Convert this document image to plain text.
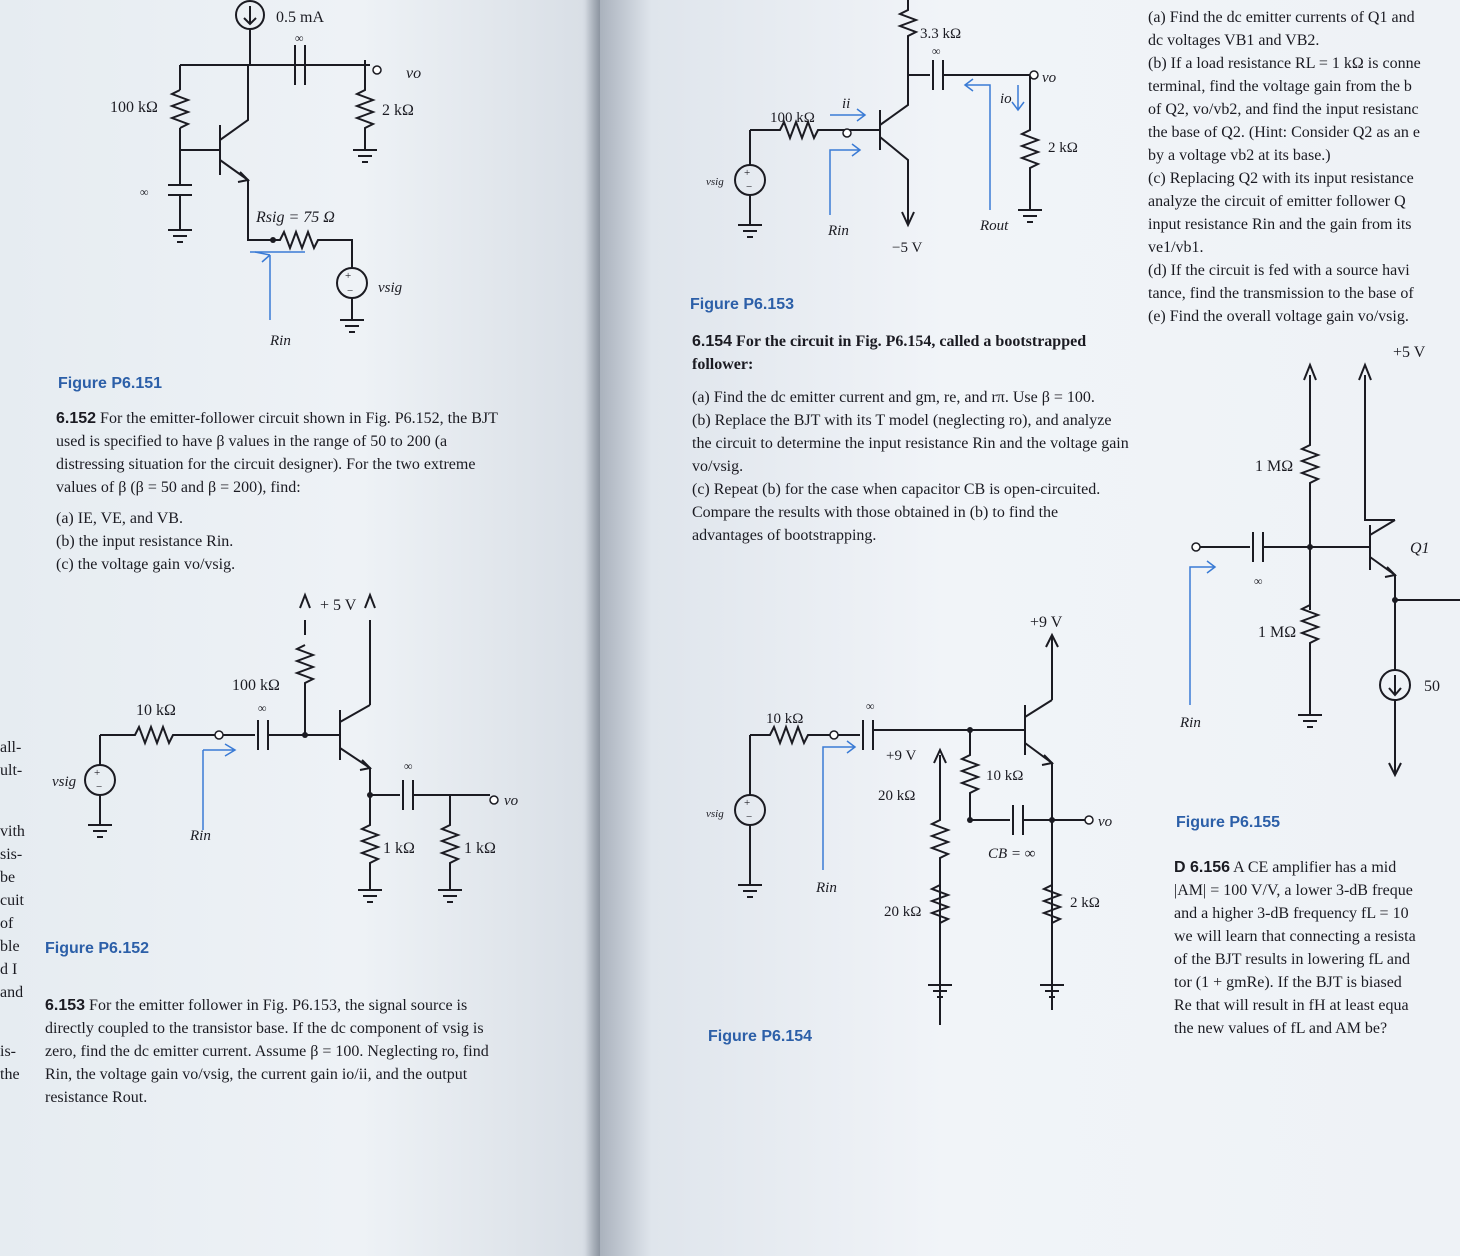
all-
ult-
vith
sis-
be
cuit
of
ble
d I
and
is-
the
0.5 mA
∞
vo
100 kΩ	2 kΩ
∞
Rsig = 75 Ω
+
− vsig
Rin

Figure P6.151

6.152 For the emitter-follower circuit shown in Fig. P6.152, the BJT used is specified to have β values in the range of 50 to 200 (a distressing situation for the circuit designer). For the two extreme values of β (β = 50 and β = 200), find:

(a) IE, VE, and VB.
(b) the input resistance Rin.
(c) the voltage gain vo/vsig.
+ 5 V
100 kΩ
∞
10 kΩ
+
−
vsig
Rin
∞
vo
1 kΩ	1 kΩ

Figure P6.152

6.153 For the emitter follower in Fig. P6.153, the signal source is directly coupled to the transistor base. If the dc component of vsig is zero, find the dc emitter current. Assume β = 100. Neglecting ro, find Rin, the voltage gain vo/vsig, the current gain io/ii, and the output resistance Rout.

3.3 kΩ
∞
vo
100 kΩ
ii	io
2 kΩ
vsig
+
−
Rin	Rout
−5 V

Figure P6.153

6.154 For the circuit in Fig. P6.154, called a bootstrapped follower:

(a) Find the dc emitter current and gm, re, and rπ. Use β = 100.
(b) Replace the BJT with its T model (neglecting ro), and analyze the circuit to determine the input resistance Rin and the voltage gain vo/vsig.
(c) Repeat (b) for the case when capacitor CB is open-circuited. Compare the results with those obtained in (b) to find the advantages of bootstrapping.
+9 V
∞
10 kΩ
+9 V
10 kΩ
20 kΩ
vo
CB = ∞
vsig
+
−
Rin
20 kΩ
2 kΩ

Figure P6.154

(a) Find the dc emitter currents of Q1 and
dc voltages VB1 and VB2.
(b) If a load resistance RL = 1 kΩ is conne
terminal, find the voltage gain from the b
of Q2, vo/vb2, and find the input resistanc
the base of Q2. (Hint: Consider Q2 as an e
by a voltage vb2 at its base.)
(c) Replacing Q2 with its input resistance
analyze the circuit of emitter follower Q
input resistance Rin and the gain from its
ve1/vb1.
(d) If the circuit is fed with a source havi
tance, find the transmission to the base of
(e) Find the overall voltage gain vo/vsig.
+5 V
1 MΩ
Q1
∞
1 MΩ
50
Rin

Figure P6.155

D 6.156 A CE amplifier has a mid
|AM| = 100 V/V, a lower 3-dB freque
and a higher 3-dB frequency fL = 10
we will learn that connecting a resista
of the BJT results in lowering fL and
tor (1 + gmRe). If the BJT is biased
Re that will result in fH at least equa
the new values of fL and AM be?
